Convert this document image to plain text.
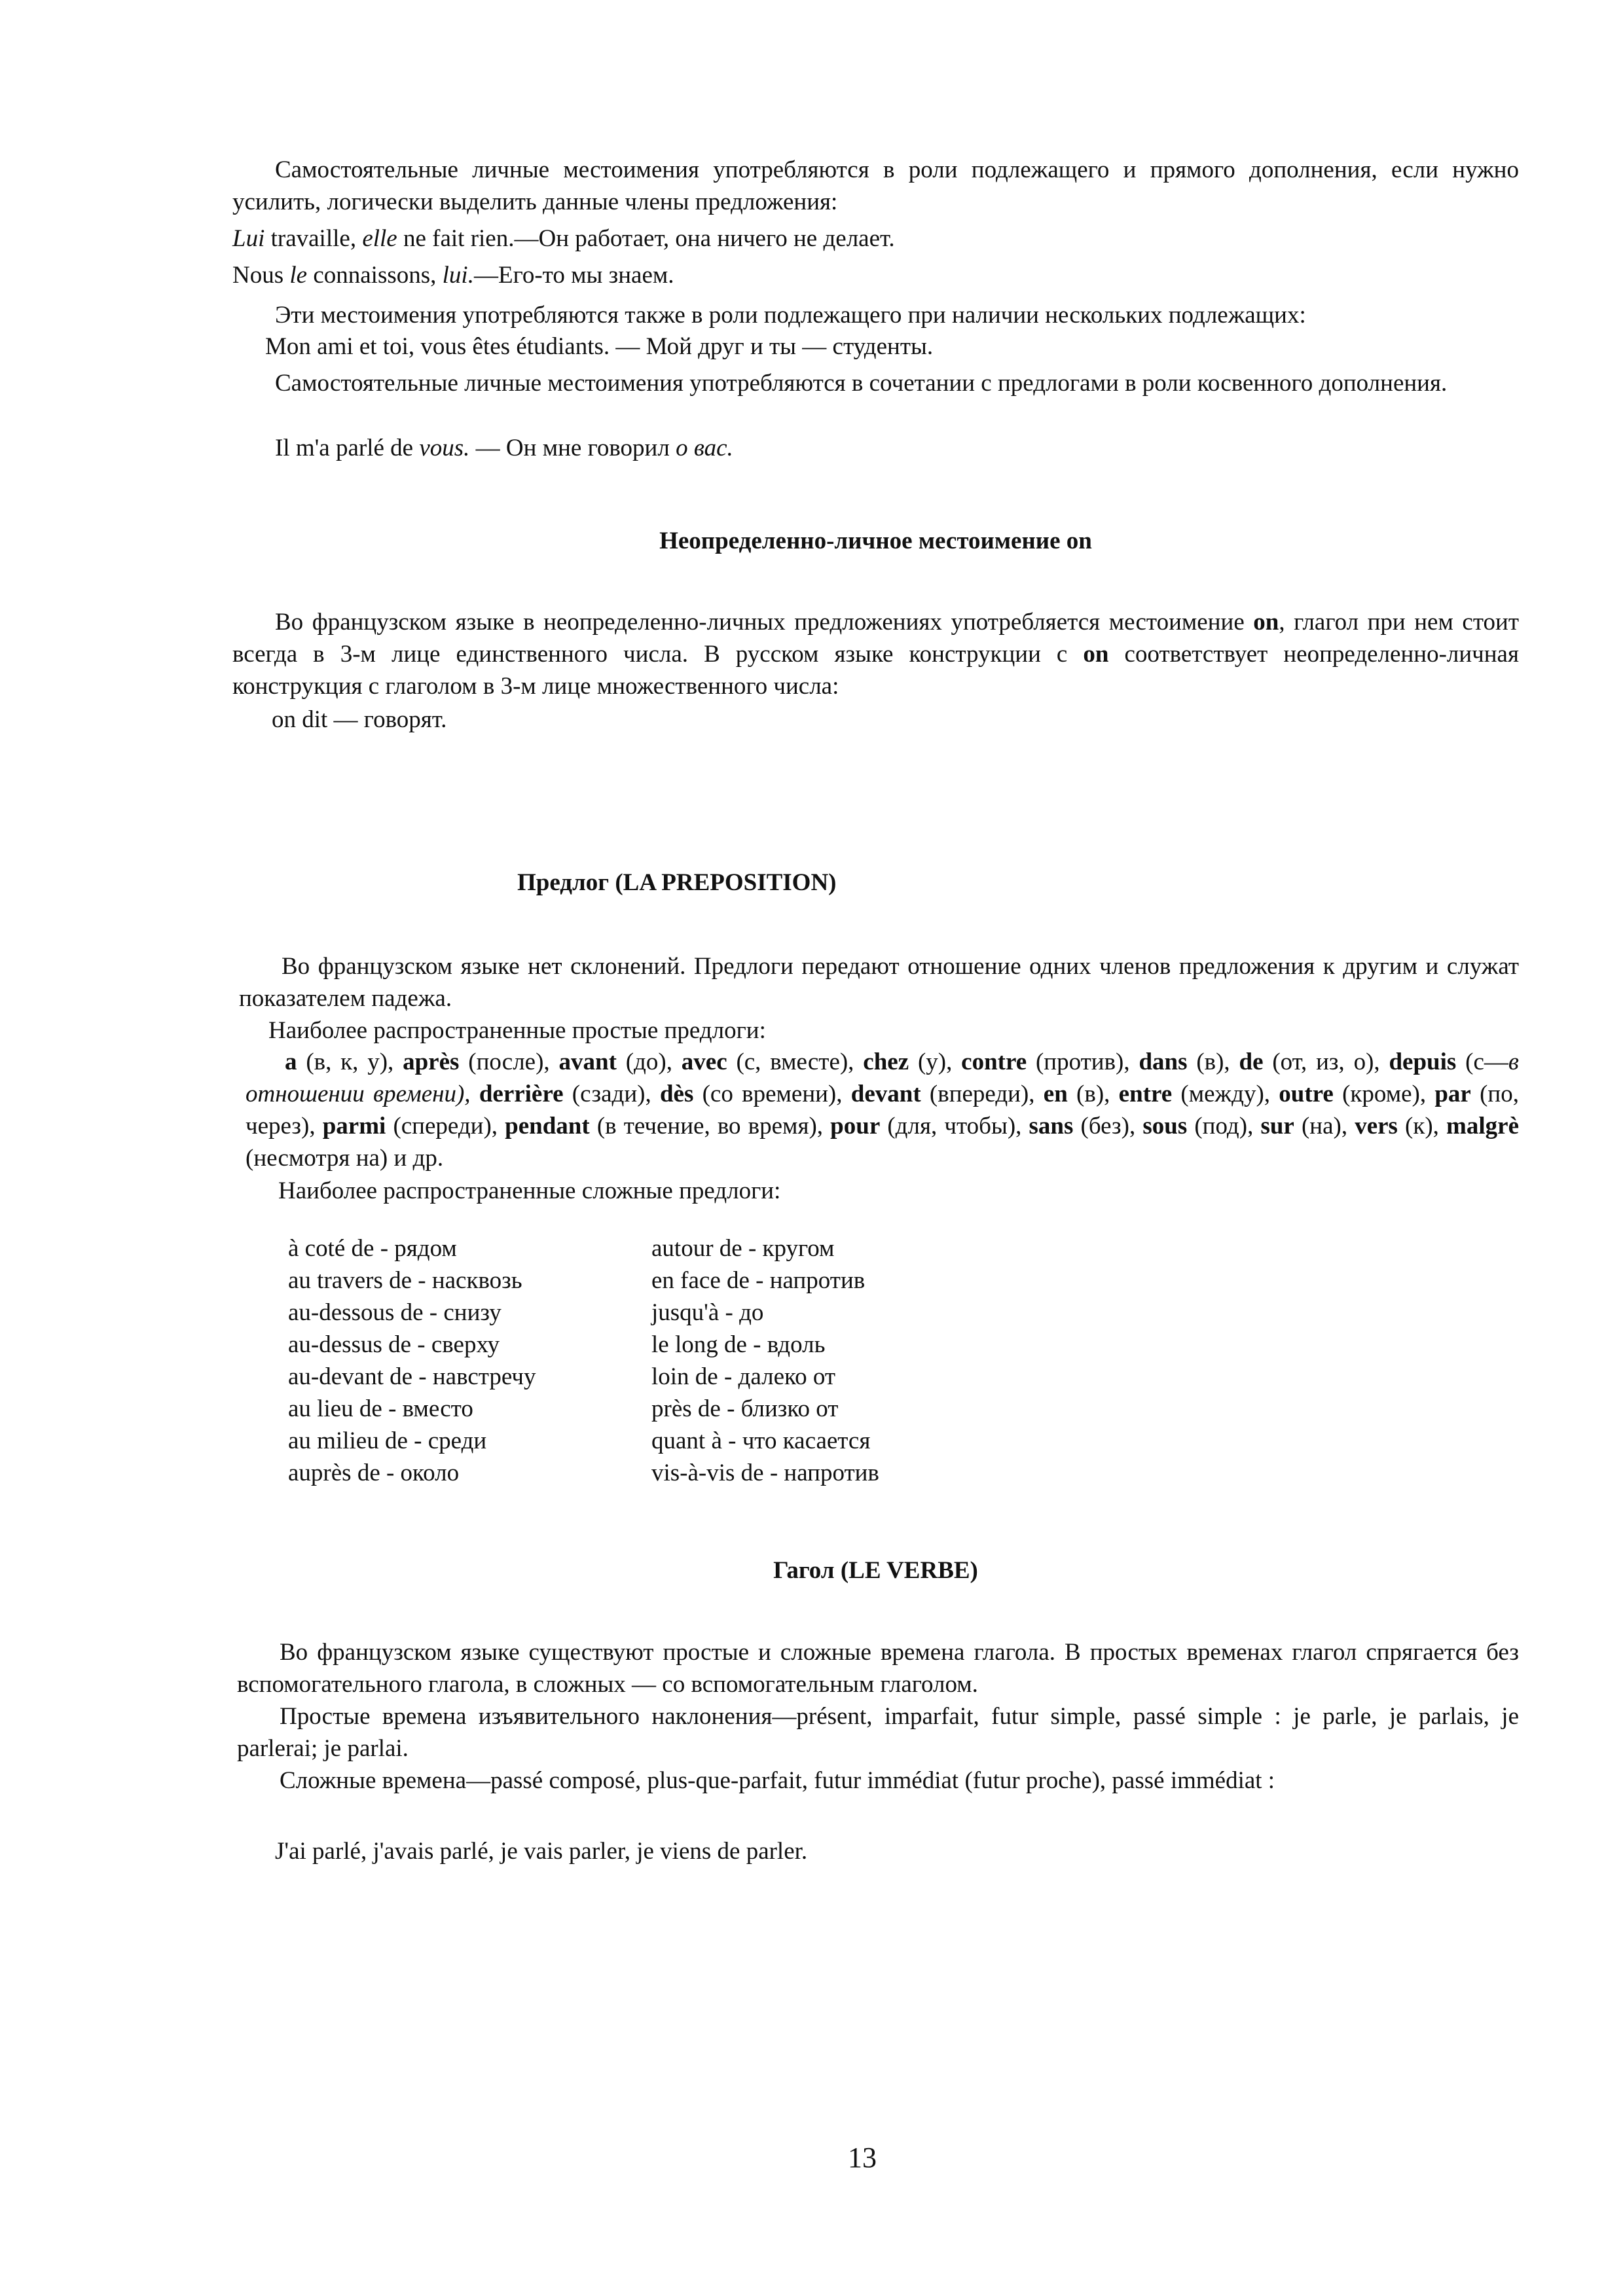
Самостоятельные личные местоимения употребляются в роли подлежащего и прямого дополнения, если нужно усилить, логически выделить данные члены предложения:

Lui travaille, elle ne fait rien.—Он работает, она ничего не делает.

Nous le connaissons, lui.—Его-то мы знаем.

Эти местоимения употребляются также в роли подлежащего при наличии нескольких подлежащих:

Mon ami et toi, vous êtes étudiants. — Мой друг и ты — студенты.

Самостоятельные личные местоимения употребляются в сочетании с предлогами в роли косвенного дополнения.

Il m'a parlé de vous. — Он мне говорил о вас.

Неопределенно-личное местоимение on

Во французском языке в неопределенно-личных предложениях употребляется местоимение on, глагол при нем стоит всегда в 3-м лице единственного числа. В русском языке конструкции с on соответствует неопределенно-личная конструкция с глаголом в 3-м лице множественного числа:

on dit — говорят.

Предлог (LA PREPOSITION)

Во французском языке нет склонений. Предлоги передают отношение одних членов предложения к другим и служат показателем падежа.

Наиболее распространенные простые предлоги:

a (в, к, у), après (после), avant (до), avec (с, вместе), chez (у), contre (против), dans (в), de (от, из, о), depuis (с—в отношении времени), derrière (сзади), dès (со времени), devant (впереди), en (в), entre (между), outre (кроме), par (по, через), parmi (спереди), pendant (в течение, во время), pour (для, чтобы), sans (без), sous (под), sur (на), vers (к), malgrè (несмотря на) и др.

Наиболее распространенные сложные предлоги:

à coté de - рядом
au travers de - насквозь
au-dessous de - снизу
au-dessus de - сверху
au-devant de - навстречу
au lieu de - вместо
au milieu de - среди
auprès de - около
autour de - кругом
en face de - напротив
jusqu'à - до
le long de - вдоль
loin de - далеко от
près de - близко от
quant à - что касается
vis-à-vis de - напротив

Гагол (LE VERBE)

Во французском языке существуют простые и сложные времена глагола. В простых временах глагол спрягается без вспомогательного глагола, в сложных — со вспомогательным глаголом.

Простые времена изъявительного наклонения—présent, imparfait, futur simple, passé simple : je parle, je parlais, je parlerai; je parlai.

Сложные времена—passé composé, plus-que-parfait, futur immédiat (futur proche), passé immédiat :

J'ai parlé, j'avais parlé, je vais parler, je viens de parler.

13
